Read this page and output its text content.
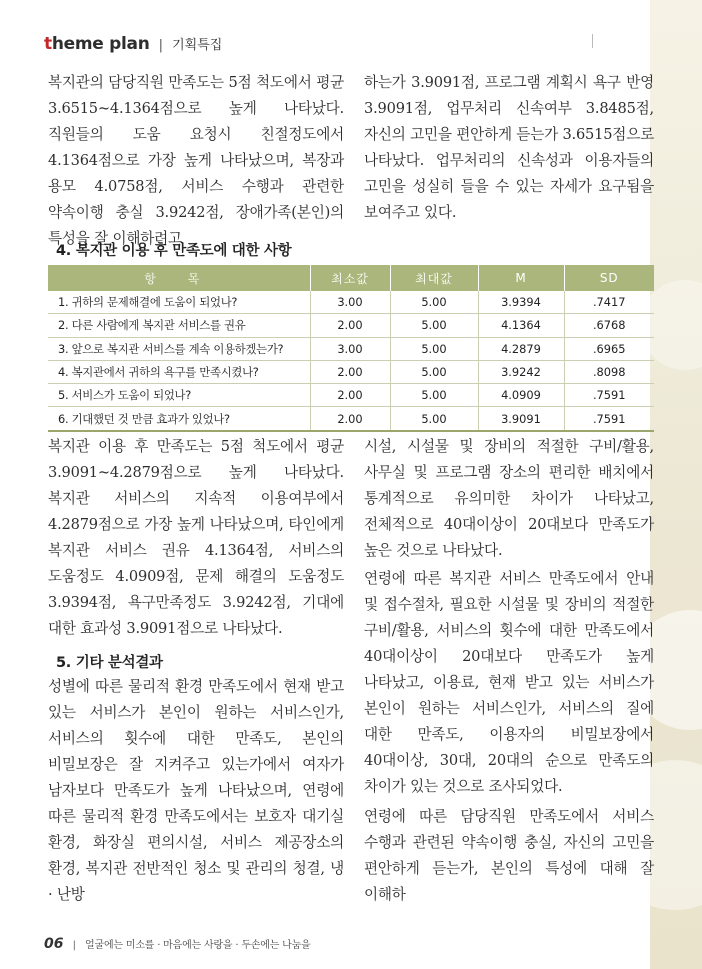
theme plan | 기획특집

복지관의 담당직원 만족도는 5점 척도에서 평균 3.6515~4.1364점으로 높게 나타났다. 직원들의 도움 요청시 친절정도에서 4.1364점으로 가장 높게 나타났으며, 복장과 용모 4.0758점, 서비스 수행과 관련한 약속이행 충실 3.9242점, 장애가족(본인)의 특성을 잘 이해하려고

하는가 3.9091점, 프로그램 계획시 욕구 반영 3.9091점, 업무처리 신속여부 3.8485점, 자신의 고민을 편안하게 듣는가 3.6515점으로 나타났다. 업무처리의 신속성과 이용자들의 고민을 성실히 들을 수 있는 자세가 요구됨을 보여주고 있다.

4. 복지관 이용 후 만족도에 대한 사항
항 목	최소값	최대값	M	SD
1. 귀하의 문제해결에 도움이 되었나?	3.00	5.00	3.9394	.7417
2. 다른 사람에게 복지관 서비스를 권유	2.00	5.00	4.1364	.6768
3. 앞으로 복지관 서비스를 계속 이용하겠는가?	3.00	5.00	4.2879	.6965
4. 복지관에서 귀하의 욕구를 만족시켰나?	2.00	5.00	3.9242	.8098
5. 서비스가 도움이 되었나?	2.00	5.00	4.0909	.7591
6. 기대했던 것 만큼 효과가 있었나?	2.00	5.00	3.9091	.7591

복지관 이용 후 만족도는 5점 척도에서 평균 3.9091~4.2879점으로 높게 나타났다. 복지관 서비스의 지속적 이용여부에서 4.2879점으로 가장 높게 나타났으며, 타인에게 복지관 서비스 권유 4.1364점, 서비스의 도움정도 4.0909점, 문제 해결의 도움정도 3.9394점, 욕구만족정도 3.9242점, 기대에 대한 효과성 3.9091점으로 나타났다.

5. 기타 분석결과

성별에 따른 물리적 환경 만족도에서 현재 받고 있는 서비스가 본인이 원하는 서비스인가, 서비스의 횟수에 대한 만족도, 본인의 비밀보장은 잘 지켜주고 있는가에서 여자가 남자보다 만족도가 높게 나타났으며, 연령에 따른 물리적 환경 만족도에서는 보호자 대기실 환경, 화장실 편의시설, 서비스 제공장소의 환경, 복지관 전반적인 청소 및 관리의 청결, 냉 · 난방

시설, 시설물 및 장비의 적절한 구비/활용, 사무실 및 프로그램 장소의 편리한 배치에서 통계적으로 유의미한 차이가 나타났고,전체적으로 40대이상이 20대보다 만족도가 높은 것으로 나타났다.

연령에 따른 복지관 서비스 만족도에서 안내 및 접수절차, 필요한 시설물 및 장비의 적절한 구비/활용, 서비스의 횟수에 대한 만족도에서 40대이상이 20대보다 만족도가 높게 나타났고, 이용료, 현재 받고 있는 서비스가 본인이 원하는 서비스인가, 서비스의 질에 대한 만족도, 이용자의 비밀보장에서 40대이상, 30대, 20대의 순으로 만족도의 차이가 있는 것으로 조사되었다.

연령에 따른 담당직원 만족도에서 서비스 수행과 관련된 약속이행 충실, 자신의 고민을 편안하게 듣는가, 본인의 특성에 대해 잘 이해하

06 | 얼굴에는 미소를 · 마음에는 사랑을 · 두손에는 나눔을
